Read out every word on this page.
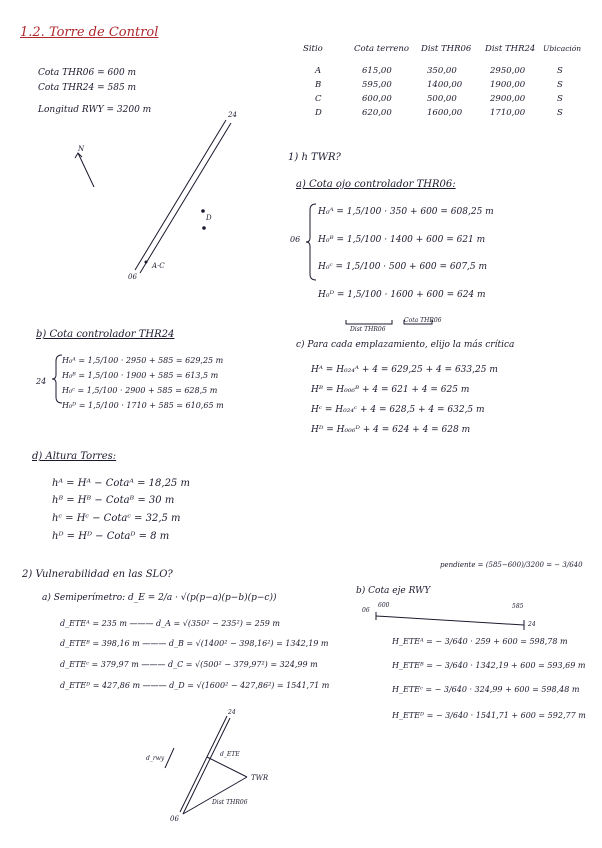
1.2. Torre de Control
Cota THR06 = 600 m
Cota THR24 = 585 m
Longitud RWY = 3200 m
N
24
06
D
A·C
Sitio	Cota terreno	Dist THR06	Dist THR24	Ubicación
A	615,00	350,00	2950,00	S
B	595,00	1400,00	1900,00	S
C	600,00	500,00	2900,00	S
D	620,00	1600,00	1710,00	S
1) h TWR?
a) Cota ojo controlador THR06:
06
H₀ᴬ = 1,5/100 · 350 + 600 = 608,25 m
H₀ᴮ = 1,5/100 · 1400 + 600 = 621 m
H₀ᶜ = 1,5/100 · 500 + 600 = 607,5 m
H₀ᴰ = 1,5/100 · 1600 + 600 = 624 m
Dist THR06
Cota THR06
b) Cota controlador THR24
24
H₀ᴬ = 1,5/100 · 2950 + 585 = 629,25 m
H₀ᴮ = 1,5/100 · 1900 + 585 = 613,5 m
H₀ᶜ = 1,5/100 · 2900 + 585 = 628,5 m
H₀ᴰ = 1,5/100 · 1710 + 585 = 610,65 m
c) Para cada emplazamiento, elijo la más crítica
Hᴬ = H₀₂₄ᴬ + 4 = 629,25 + 4 = 633,25 m
Hᴮ = H₀₀₆ᴮ + 4 = 621 + 4 = 625 m
Hᶜ = H₀₂₄ᶜ + 4 = 628,5 + 4 = 632,5 m
Hᴰ = H₀₀₆ᴰ + 4 = 624 + 4 = 628 m
d) Altura Torres:
hᴬ = Hᴬ − Cotaᴬ = 18,25 m
hᴮ = Hᴮ − Cotaᴮ = 30 m
hᶜ = Hᶜ − Cotaᶜ = 32,5 m
hᴰ = Hᴰ − Cotaᴰ = 8 m
2) Vulnerabilidad en las SLO?
pendiente = (585−600)/3200 = − 3/640
a) Semiperímetro: d_E = 2/a · √(p(p−a)(p−b)(p−c))
d_ETEᴬ = 235 m ——— d_A = √(350² − 235²) = 259 m
d_ETEᴮ = 398,16 m ——— d_B = √(1400² − 398,16²) = 1342,19 m
d_ETEᶜ = 379,97 m ——— d_C = √(500² − 379,97²) = 324,99 m
d_ETEᴰ = 427,86 m ——— d_D = √(1600² − 427,86²) = 1541,71 m
b) Cota eje RWY
600	585
06
24
H_ETEᴬ = − 3/640 · 259 + 600 = 598,78 m
H_ETEᴮ = − 3/640 · 1342,19 + 600 = 593,69 m
H_ETEᶜ = − 3/640 · 324,99 + 600 = 598,48 m
H_ETEᴰ = − 3/640 · 1541,71 + 600 = 592,77 m
24
06
d_rwy
d_ETE
TWR
Dist THR06
